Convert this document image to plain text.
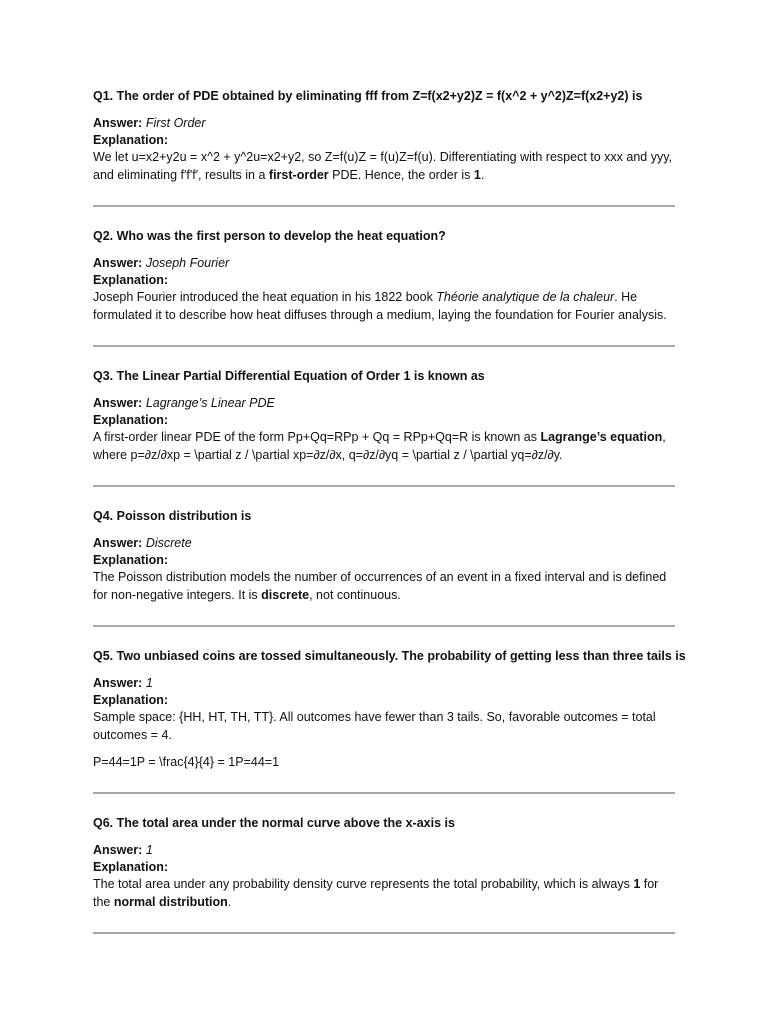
Q1. The order of PDE obtained by eliminating fff from Z=f(x2+y2)Z = f(x^2 + y^2)Z=f(x2+y2) is

Answer: First Order

Explanation:

We let u=x2+y2u = x^2 + y^2u=x2+y2, so Z=f(u)Z = f(u)Z=f(u). Differentiating with respect to xxx and yyy, and eliminating f′f'f′, results in a first-order PDE. Hence, the order is 1.

Q2. Who was the first person to develop the heat equation?

Answer: Joseph Fourier

Explanation:

Joseph Fourier introduced the heat equation in his 1822 book Théorie analytique de la chaleur. He formulated it to describe how heat diffuses through a medium, laying the foundation for Fourier analysis.

Q3. The Linear Partial Differential Equation of Order 1 is known as

Answer: Lagrange’s Linear PDE

Explanation:

A first-order linear PDE of the form Pp+Qq=RPp + Qq = RPp+Qq=R is known as Lagrange’s equation, where p=∂z/∂xp = \partial z / \partial xp=∂z/∂x, q=∂z/∂yq = \partial z / \partial yq=∂z/∂y.

Q4. Poisson distribution is

Answer: Discrete

Explanation:

The Poisson distribution models the number of occurrences of an event in a fixed interval and is defined for non-negative integers. It is discrete, not continuous.

Q5. Two unbiased coins are tossed simultaneously. The probability of getting less than three tails is

Answer: 1

Explanation:

Sample space: {HH, HT, TH, TT}. All outcomes have fewer than 3 tails. So, favorable outcomes = total outcomes = 4.

P=44=1P = \frac{4}{4} = 1P=44=1

Q6. The total area under the normal curve above the x-axis is

Answer: 1

Explanation:

The total area under any probability density curve represents the total probability, which is always 1 for the normal distribution.
